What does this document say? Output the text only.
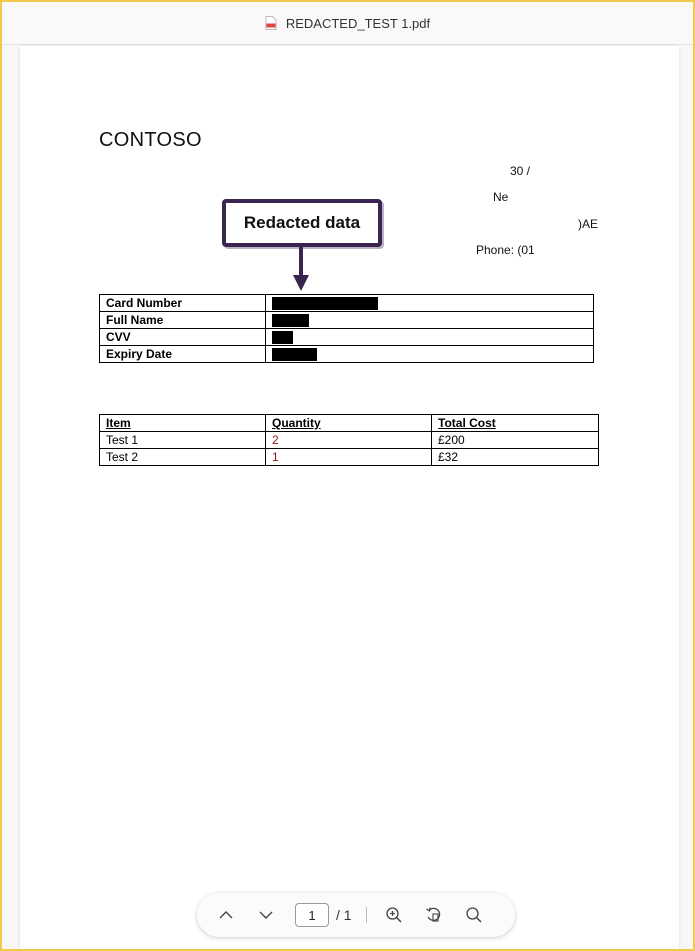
REDACTED_TEST 1.pdf
CONTOSO
30 /
Ne
)AE
Phone: (01
Card Number	
Full Name	
CVV	
Expiry Date	
Item	Quantity	Total Cost
Test 1	2	£200
Test 2	1	£32
Redacted data
1
/ 1
